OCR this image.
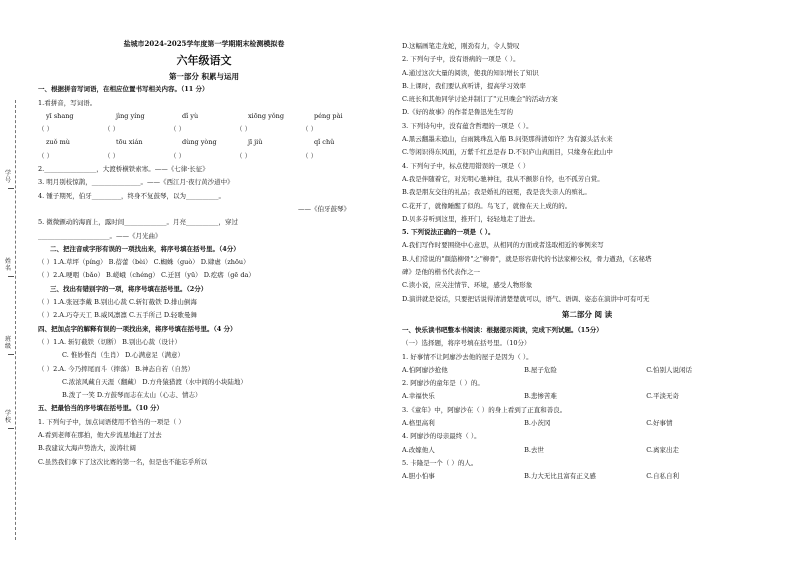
学号
姓名
班级
学校
盐城市2024-2025学年度第一学期期末检测模拟卷
六年级语文
第一部分 积累与运用
一、根据拼音写词语，在相应位置书写相关内容。（11 分）
1.看拼音，写词语。
yī shang	jìng yíng	dǐ yù	xiōng yǒng	péng pài
（ ）	（ ）	（ ）	（ ）	（ ）
zuǒ mù	tōu xián	dùng yòng	jī jiǔ	qǐ chǔ
（ ）	（ ）	（ ）	（ ）	（ ）
2.________________，大渡桥横铁索寒。——《七律·长征》
3. 明月别枝惊鹊，_______________。——《西江月·夜行黄沙道中》
4. 锺子期死，伯牙_________，终身不复鼓琴，以为__________。
——《伯牙鼓琴》
5. 微微颤动的海面上，露时间_____________。月亮__________，穿过
______________________。——《月光曲》
二、把注音或字形有误的一项找出来，将序号填在括号里。（4分）
（ ）1.A.草坪（píng） B.蓓蕾（bèi） C.蜘蛛（guò） D.肆虐（zhōu）
（ ）2.A.哽咽（bǎo） B.嵯峨（chéng） C.迁回（yū） D.疙瘩（gē da）
三、找出有错别字的一项，将序号填在括号里。（2分）
（ ）1.A.张冠李戴 B.别出心裁 C.斩钉截铁 D.排山倒海
（ ）2.A.巧夺天工 B.威风凛凛 C.五手所己 D.轻歌曼舞
四、把加点字的解释有误的一项找出来，将序号填在括号里。（4 分）
（ ）1.A. 斩钉截铁（切断） B.别出心裁（设计）
C. 惟妙惟肖（生肖） D.心满意足（满意）
（ ）2.A. 今乃摔尾而斗（摔落） B.神态自若（自然）
C.浓浓风藏自天涯（翻藏） D.方舟猿猎渡（水中间的小块陆地）
B.泼了一笑 D.方鼓琴而志在太山（心志、情志）
五、把最恰当的序号填在括号里。（10 分）
1. 下列句子中，加点词语使用不恰当的一项是（ ）
A.看到老师在那拍，他大步流星地赶了过去
B.我建议大海声势浩大，波涛壮阔
C.虽然我们拿下了这次比赛的第一名，但是也不能忘乎所以
D.这幅画笔走龙蛇，刚劲有力，令人赞叹
2. 下列句子中，没有语病的一项是（ ）。
A.通过这次大量的阅读，使我的知识增长了知识
B.上课时，我们要认真听讲，提高学习效率
C.班长和其他同学讨论并制订了"元旦晚会"的活动方案
D.《好的故事》的作者是鲁迅先生写的
3. 下列诗句中，没有蕴含哲理的一项是（ ）。
A.黑云翻墨未遮山，白雨跳珠乱入船 B.问渠那得清如许？为有源头活水来
C.等闲识得东风面，万紫千红总是春 D.不识庐山真面目，只缘身在此山中
4. 下列句子中，标点使用错误的一项是（ ）
A.我是伴随着它，对光明心驰神往，我从不颤影自怜，也不孤芳自赏。
B.我是朋友交往的礼品；我是婚礼的冠冕，我是丧失亲人的殡礼。
C.花开了，就像睡醒了似的。鸟飞了，就像在天上成的的。
D.贝多芬听到这里，推开门，轻轻地走了进去。
5. 下列说法正确的一项是（ ）。
A.我们写作时要围绕中心意思，从相同的方面或者选取相近的事例来写
B.人们常说的"颜筋柳骨"之"柳骨"，就是形容唐代的书法家柳公权，骨力遒劲，《玄秘塔
碑》是他的楷书代表作之一
C.读小说，应关注情节、环境，感受人物形象
D.演讲就是说话，只要把话说得清清楚楚就可以，语气、语调、姿态在演讲中可有可无
第二部分 阅 读
一、快乐读书吧整本书阅读：根据提示阅读，完成下列试题。（15分）
（一）选择题，将序号填在括号里。（10分）
1. 好事情不让阿廖沙去他的屋子是因为（ ）。
A.怕阿廖沙抢他	B.屋子危险	C.怕别人说闲话
2. 阿廖沙的童年是（ ）的。
A.幸福快乐	B.悲惨苦难	C.平淡无奇
3.《童年》中，阿廖沙在（ ）的身上看到了正直和善良。
A.格里高利	B.小茨冈	C.好事情
4. 阿廖沙的母亲最终（ ）。
A.改嫁他人	B.去世	C.离家出走
5. 卡隆是一个（ ）的人。
A.胆小怕事	B.力大无比且富有正义感	C.自私自利
